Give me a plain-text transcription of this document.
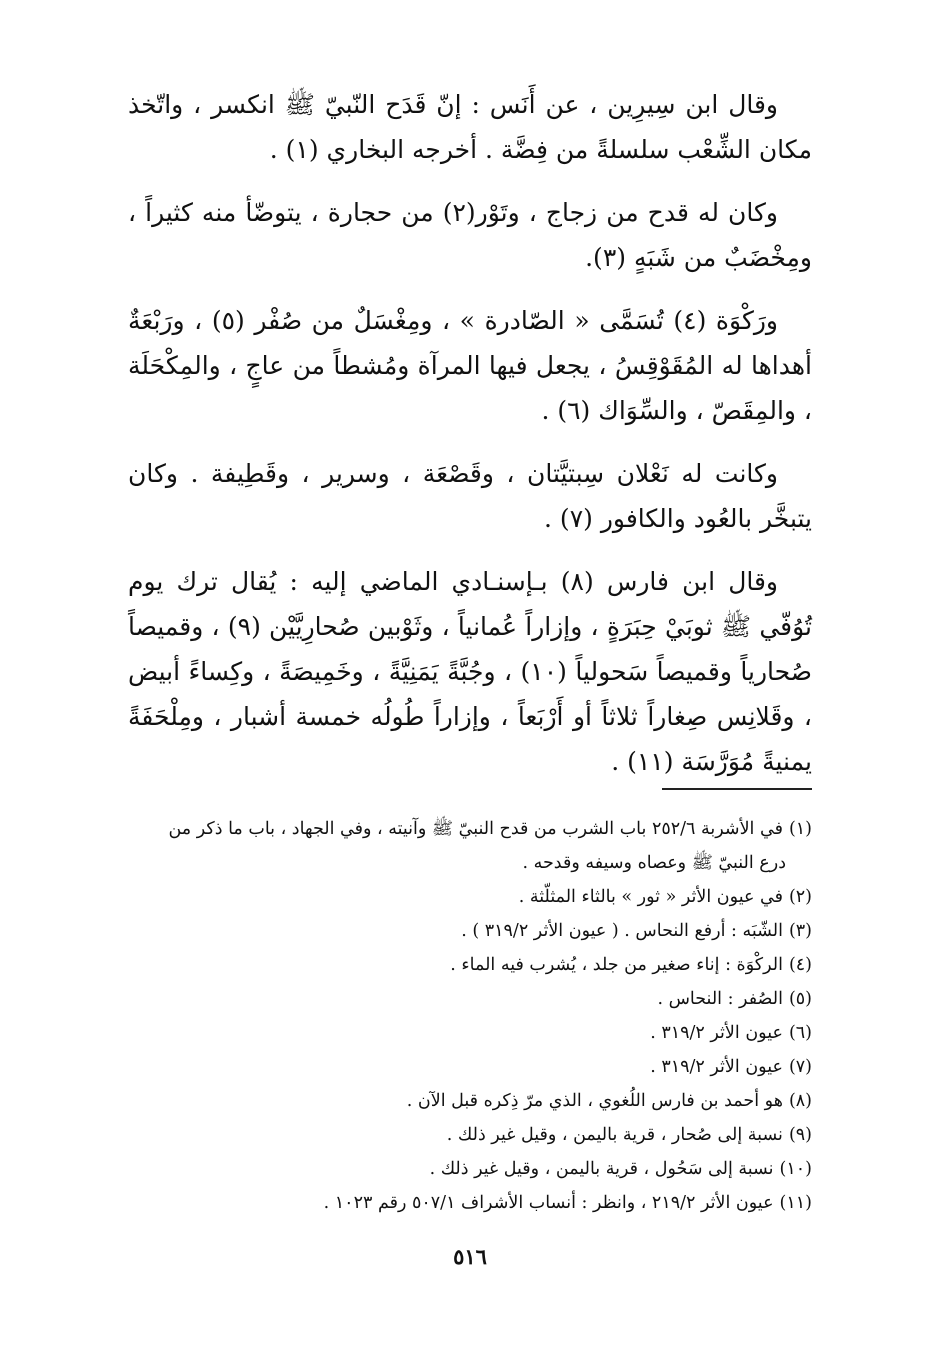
وقال ابن سِيرِين ، عن أَنَس : إنّ قَدَح النّبيّ ﷺ انكسر ، واتّخذ مكان الشِّعْب سلسلةً من فِضَّة . أخرجه البخاري (١) .

وكان له قدح من زجاج ، وتَوْر(٢) من حجارة ، يتوضّأ منه كثيراً ، ومِخْضَبٌ من شَبَهٍ (٣).

ورَكْوَة (٤) تُسَمَّى « الصّادرة » ، ومِغْسَلٌ من صُفْر (٥) ، ورَبْعَةٌ أهداها له المُقَوْقِسُ ، يجعل فيها المرآة ومُشطاً من عاجٍ ، والمِكْحَلَة ، والمِقَصّ ، والسِّوَاك (٦) .

وكانت له نَعْلان سِبتيَّتان ، وقَصْعَة ، وسرير ، وقَطِيفة . وكان يتبخَّر بالعُود والكافور (٧) .

وقال ابن فارس (٨) بـإسنـادي الماضي إليه : يُقال ترك يوم تُوُفّي ﷺ ثوبَيْ حِبَرَةٍ ، وإزاراً عُمانياً ، وثَوْبين صُحارِيَّيْن (٩) ، وقميصاً صُحارياً وقميصاً سَحولياً (١٠) ، وجُبَّةً يَمَنِيَّةً ، وخَمِيصَةً ، وكِساءً أبيض ، وقَلانِس صِغاراً ثلاثاً أو أَرْبَعاً ، وإزاراً طُولُه خمسة أشبار ، ومِلْحَفَةً يمنيةً مُوَرَّسَة (١١) .

(١)في الأشربة ٢٥٢/٦ باب الشرب من قدح النبيّ ﷺ وآنيته ، وفي الجهاد ، باب ما ذكر من
درع النبيّ ﷺ وعصاه وسيفه وقدحه .
(٢)في عيون الأثر « ثور » بالثاء المثلّثة .
(٣)الشّبَه : أرفع النحاس . ( عيون الأثر ٣١٩/٢ ) .
(٤)الركْوَة : إناء صغير من جلد ، يُشرب فيه الماء .
(٥)الصُفر : النحاس .
(٦)عيون الأثر ٣١٩/٢ .
(٧)عيون الأثر ٣١٩/٢ .
(٨)هو أحمد بن فارس اللُغوي ، الذي مرّ ذِكره قبل الآن .
(٩)نسبة إلى صُحار ، قرية باليمن ، وقيل غير ذلك .
(١٠)نسبة إلى سَحُول ، قرية باليمن ، وقيل غير ذلك .
(١١)عيون الأثر ٢١٩/٢ ، وانظر : أنساب الأشراف ٥٠٧/١ رقم ١٠٢٣ .
٥١٦
